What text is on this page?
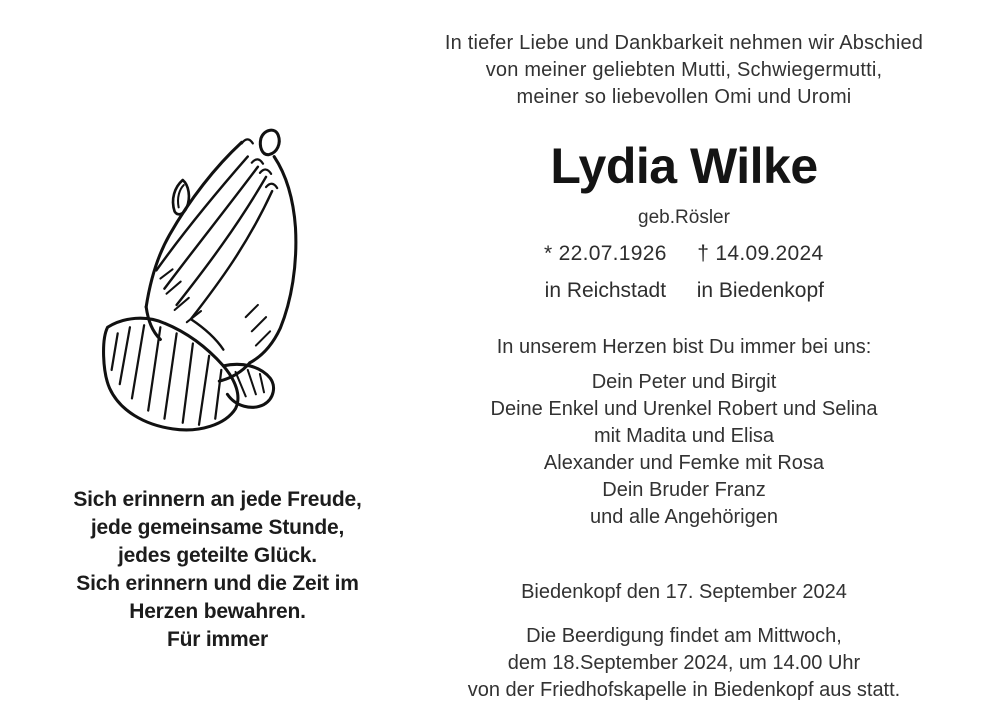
In tiefer Liebe und Dankbarkeit nehmen wir Abschied
von meiner geliebten Mutti, Schwiegermutti,
meiner so liebevollen Omi und Uromi
Lydia Wilke
geb.Rösler
* 22.07.1926
in Reichstadt
† 14.09.2024
in Biedenkopf
In unserem Herzen bist Du immer bei uns:
Dein Peter und Birgit
Deine Enkel und Urenkel Robert und Selina
mit Madita und Elisa
Alexander und Femke mit Rosa
Dein Bruder Franz
und alle Angehörigen
Biedenkopf den 17. September 2024
Die Beerdigung findet am Mittwoch,
dem 18.September 2024, um 14.00 Uhr
von der Friedhofskapelle in Biedenkopf aus statt.
Sich erinnern an jede Freude,
jede gemeinsame Stunde,
jedes geteilte Glück.
Sich erinnern und die Zeit im
Herzen bewahren.
Für immer
